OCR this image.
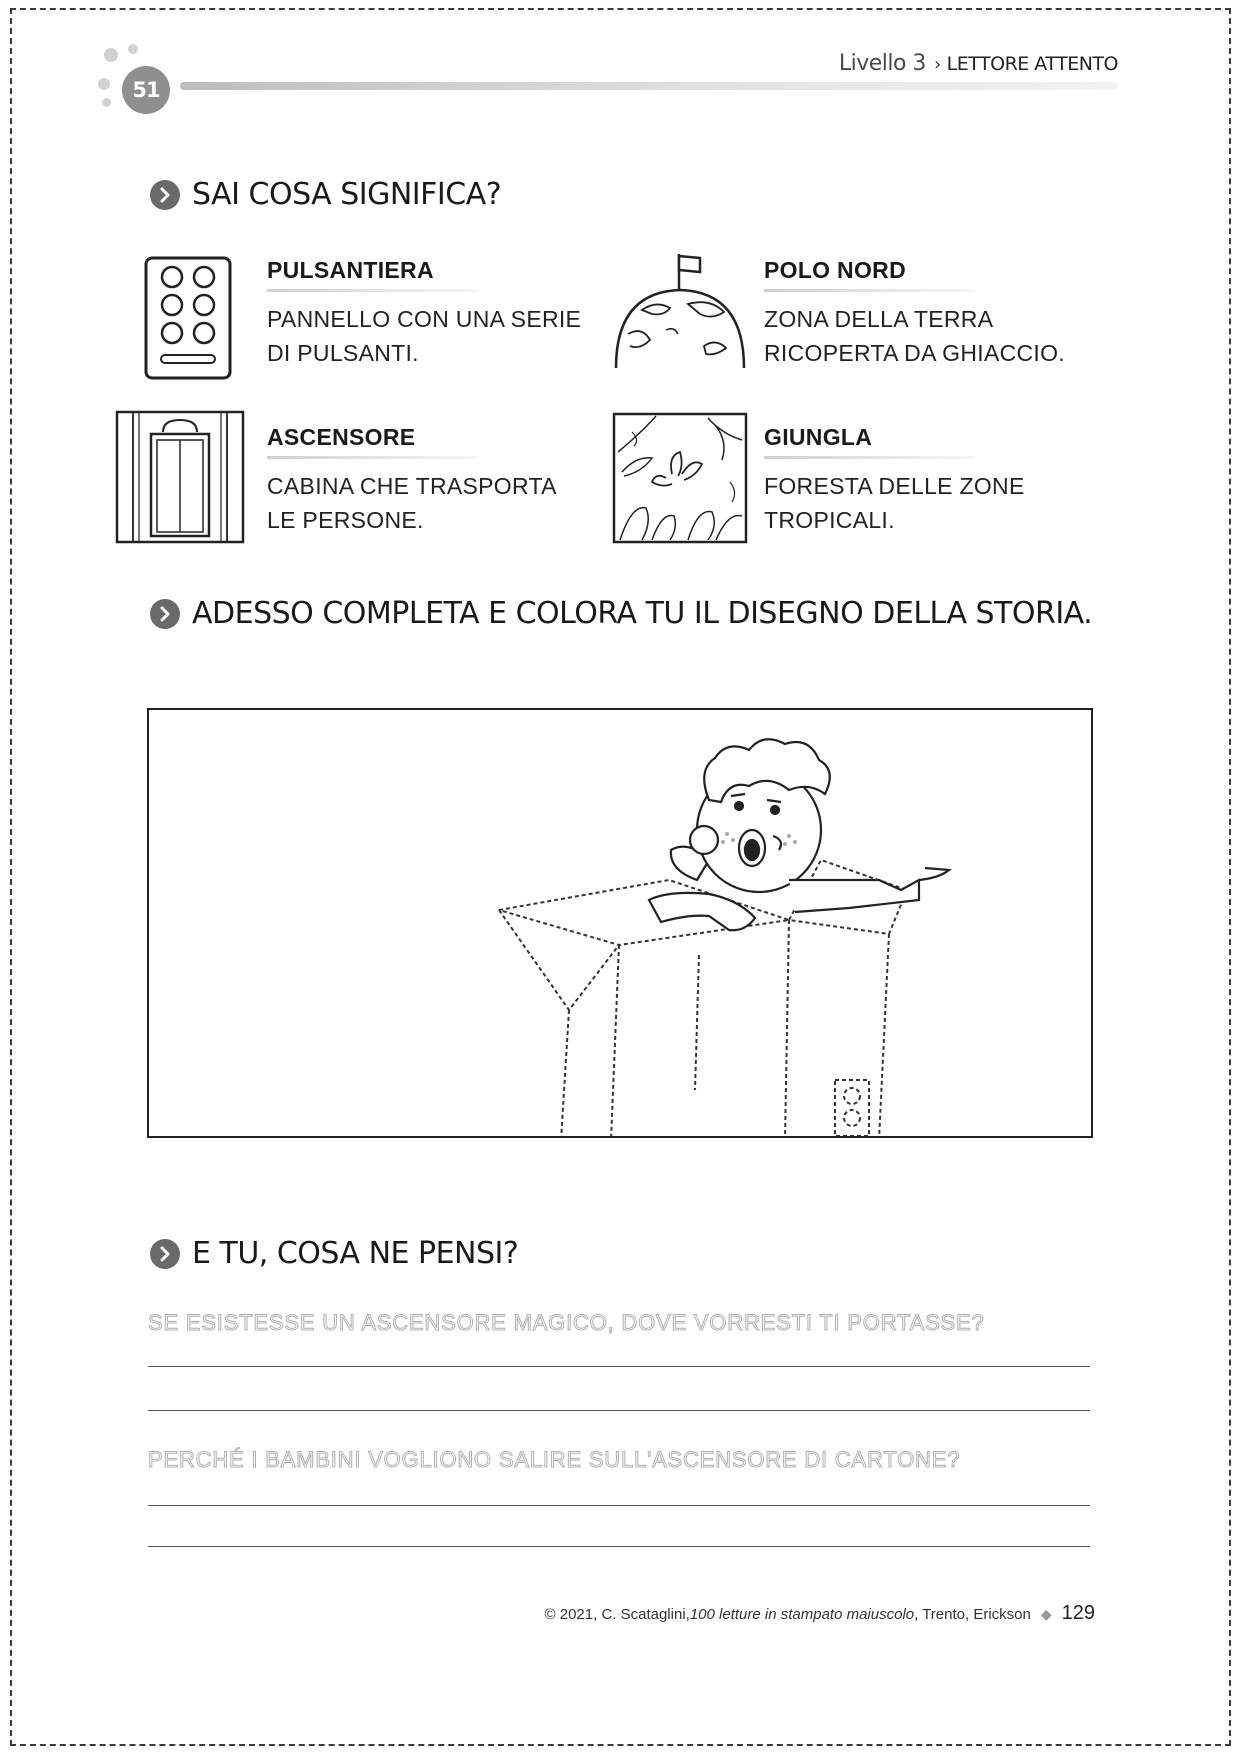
51
Livello 3 › LETTORE ATTENTO
SAI COSA SIGNIFICA?
PULSANTIERA
PANNELLO CON UNA SERIE
DI PULSANTI.
POLO NORD
ZONA DELLA TERRA
RICOPERTA DA GHIACCIO.
ASCENSORE
CABINA CHE TRASPORTA
LE PERSONE.
GIUNGLA
FORESTA DELLE ZONE
TROPICALI.
ADESSO COMPLETA E COLORA TU IL DISEGNO DELLA STORIA.
E TU, COSA NE PENSI?
SE ESISTESSE UN ASCENSORE MAGICO, DOVE VORRESTI TI PORTASSE?
PERCHÉ I BAMBINI VOGLIONO SALIRE SULL'ASCENSORE DI CARTONE?
© 2021, C. Scataglini, 100 letture in stampato maiuscolo , Trento, Erickson ◆ 129
